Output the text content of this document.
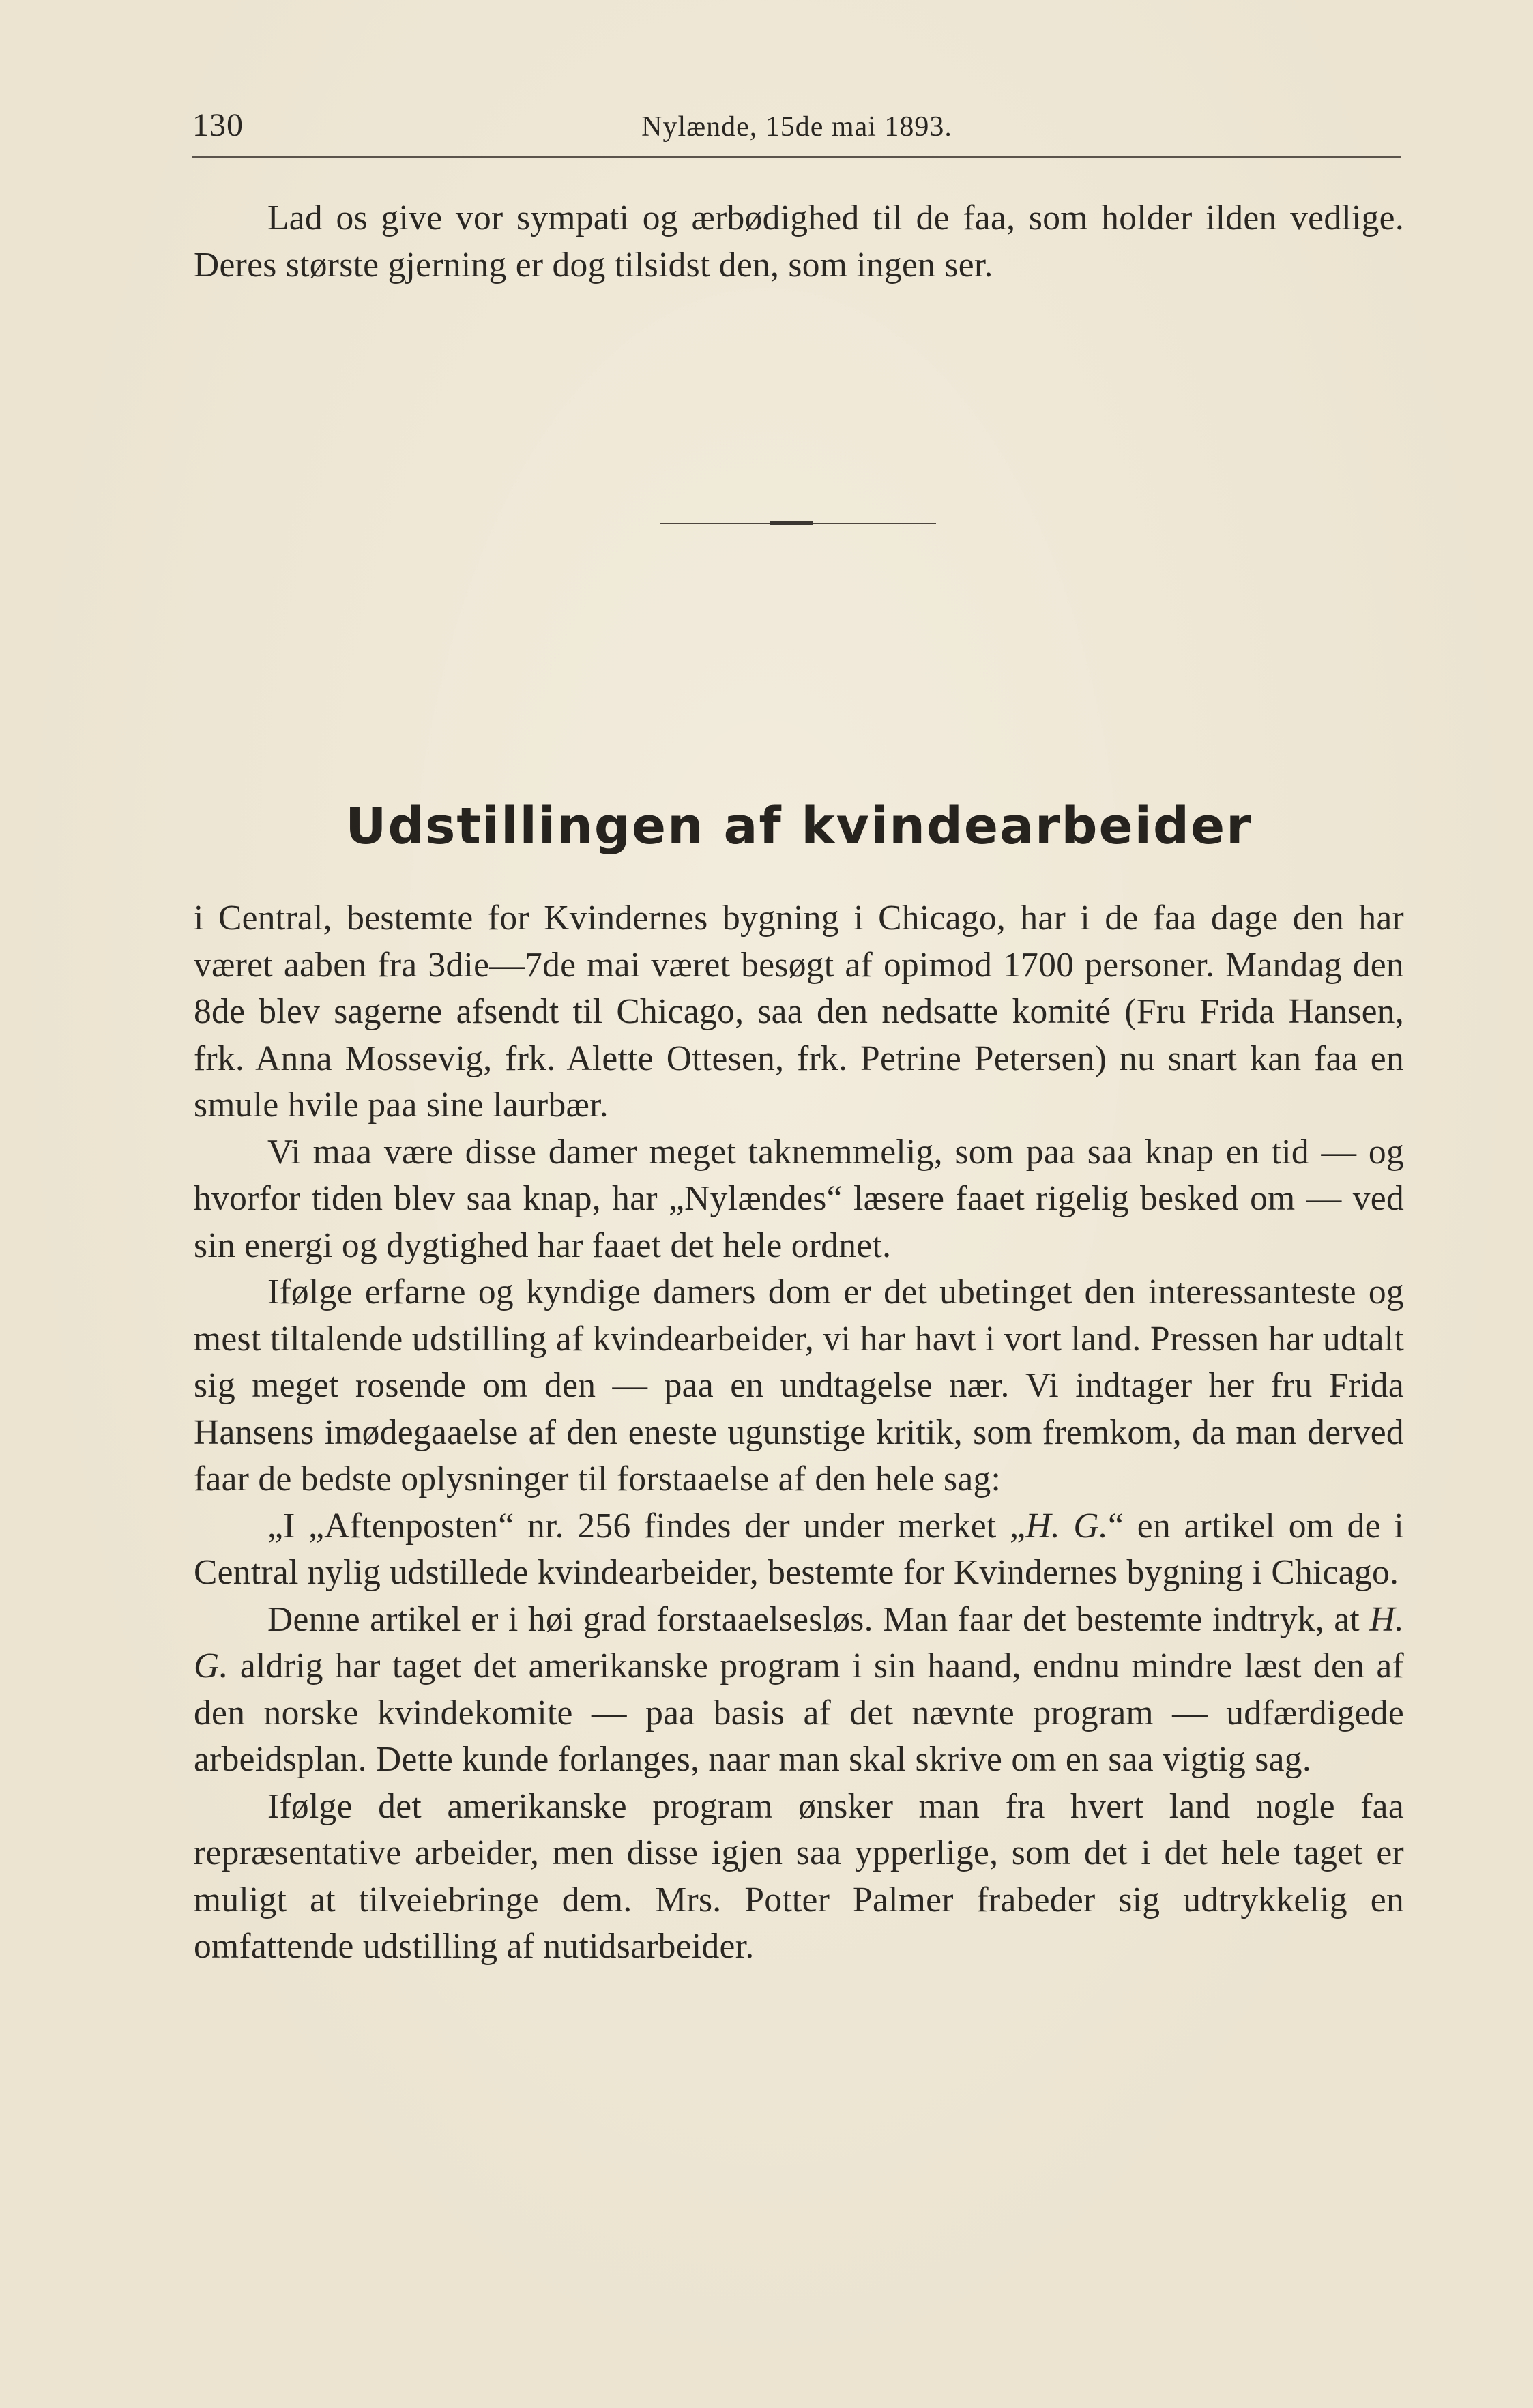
130	Nylænde, 15de mai 1893.

Lad os give vor sympati og ærbødighed til de faa, som holder ilden vedlige. Deres største gjerning er dog tilsidst den, som ingen ser.

Udstillingen af kvindearbeider

i Central, bestemte for Kvindernes bygning i Chicago, har i de faa dage den har været aaben fra 3die—7de mai været besøgt af opimod 1700 personer. Mandag den 8de blev sagerne afsendt til Chicago, saa den nedsatte komité (Fru Frida Hansen, frk. Anna Mossevig, frk. Alette Ottesen, frk. Petrine Petersen) nu snart kan faa en smule hvile paa sine laurbær.

Vi maa være disse damer meget taknemmelig, som paa saa knap en tid — og hvorfor tiden blev saa knap, har „Nylændes“ læsere faaet rigelig besked om — ved sin energi og dygtighed har faaet det hele ordnet.

Ifølge erfarne og kyndige damers dom er det ubetinget den interessanteste og mest tiltalende udstilling af kvindearbeider, vi har havt i vort land. Pressen har udtalt sig meget rosende om den — paa en undtagelse nær. Vi indtager her fru Frida Hansens imødegaaelse af den eneste ugunstige kritik, som fremkom, da man derved faar de bedste oplysninger til forstaaelse af den hele sag:

„I „Aftenposten“ nr. 256 findes der under merket „H. G.“ en artikel om de i Central nylig udstillede kvindearbeider, bestemte for Kvindernes bygning i Chicago.

Denne artikel er i høi grad forstaaelsesløs. Man faar det bestemte indtryk, at H. G. aldrig har taget det amerikanske program i sin haand, endnu mindre læst den af den norske kvindekomite — paa basis af det nævnte program — udfærdigede arbeidsplan. Dette kunde forlanges, naar man skal skrive om en saa vigtig sag.

Ifølge det amerikanske program ønsker man fra hvert land nogle faa repræsentative arbeider, men disse igjen saa ypperlige, som det i det hele taget er muligt at tilveiebringe dem. Mrs. Potter Palmer frabeder sig udtrykkelig en omfattende udstilling af nutidsarbeider.
